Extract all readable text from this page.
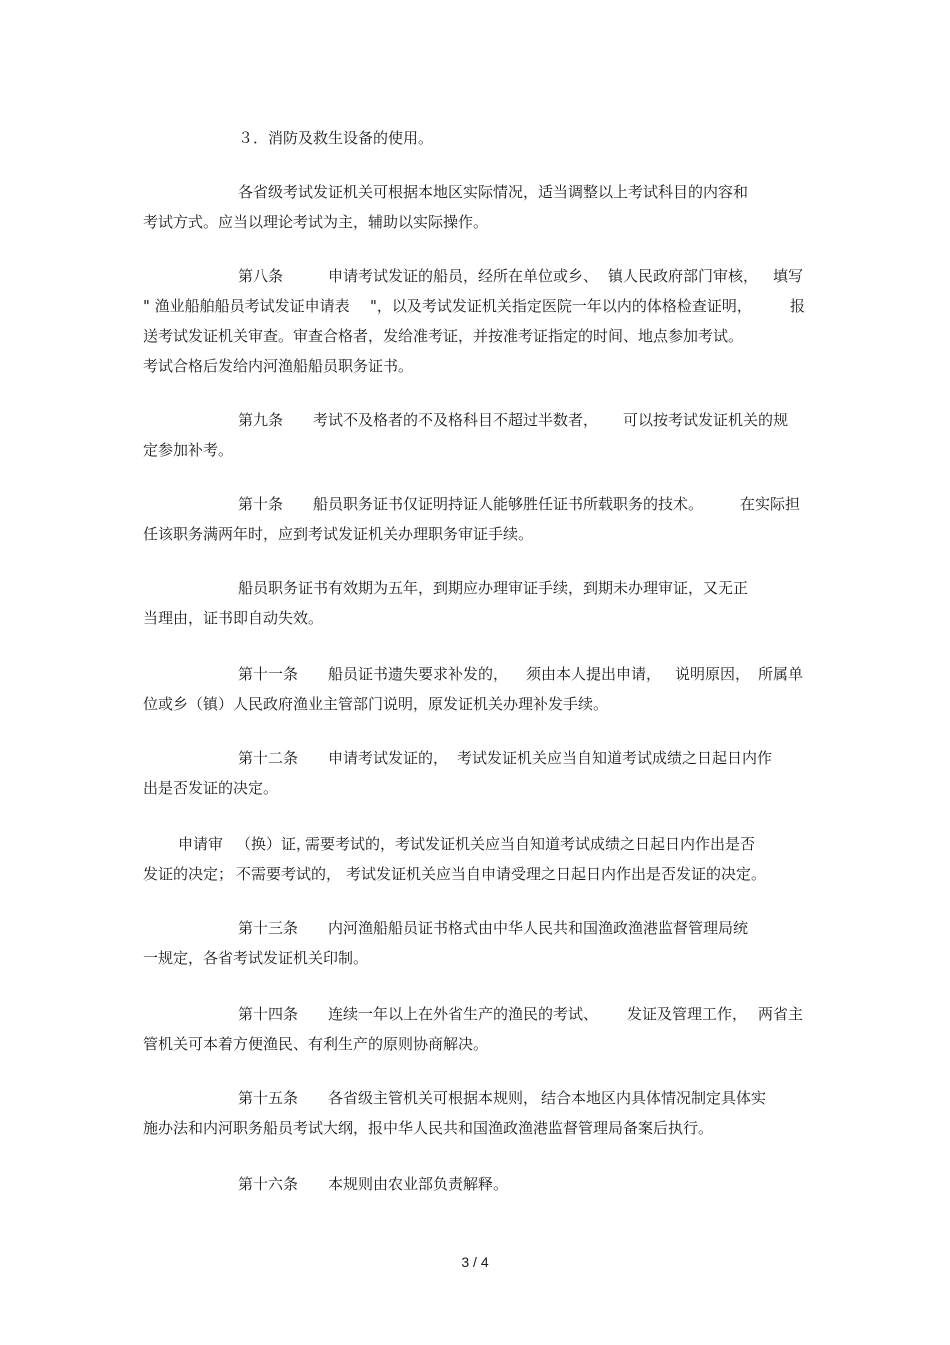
３．消防及救生设备的使用。
各省级考试发证机关可根据本地区实际情况，适当调整以上考试科目的内容和
考试方式。应当以理论考试为主，辅助以实际操作。
第八条	申请考试发证的船员， 经所在单位或乡、 镇人民政府部门审核， 填写
" 渔业船舶船员考试发证申请表 "，以及考试发证机关指定医院一年以内的体格检查证明，	报
送考试发证机关审查。审查合格者，发给准考证，并按准考证指定的时间、地点参加考试。
考试合格后发给内河渔船船员职务证书。
第九条 考试不及格者的不及格科目不超过半数者， 可以按考试发证机关的规
定参加补考。
第十条 船员职务证书仅证明持证人能够胜任证书所载职务的技术。 在实际担
任该职务满两年时，应到考试发证机关办理职务审证手续。
船员职务证书有效期为五年，到期应办理审证手续，到期未办理审证，又无正
当理由，证书即自动失效。
第十一条 船员证书遗失要求补发的， 须由本人提出申请， 说明原因， 所属单
位或乡（镇）人民政府渔业主管部门说明，原发证机关办理补发手续。
第十二条 申请考试发证的， 考试发证机关应当自知道考试成绩之日起日内作
出是否发证的决定。
申请审 （换）证，
需要考试的，考试发证机关应当自知道考试成绩之日起日内作出是否
发证的决定； 不需要考试的， 考试发证机关应当自申请受理之日起日内作出是否发证的决定。
第十三条 内河渔船船员证书格式由中华人民共和国渔政渔港监督管理局统
一规定，各省考试发证机关印制。
第十四条 连续一年以上在外省生产的渔民的考试、 发证及管理工作， 两省主
管机关可本着方便渔民、有利生产的原则协商解决。
第十五条 各省级主管机关可根据本规则， 结合本地区内具体情况制定具体实
施办法和内河职务船员考试大纲，报中华人民共和国渔政渔港监督管理局备案后执行。
第十六条 本规则由农业部负责解释。
3 / 4
